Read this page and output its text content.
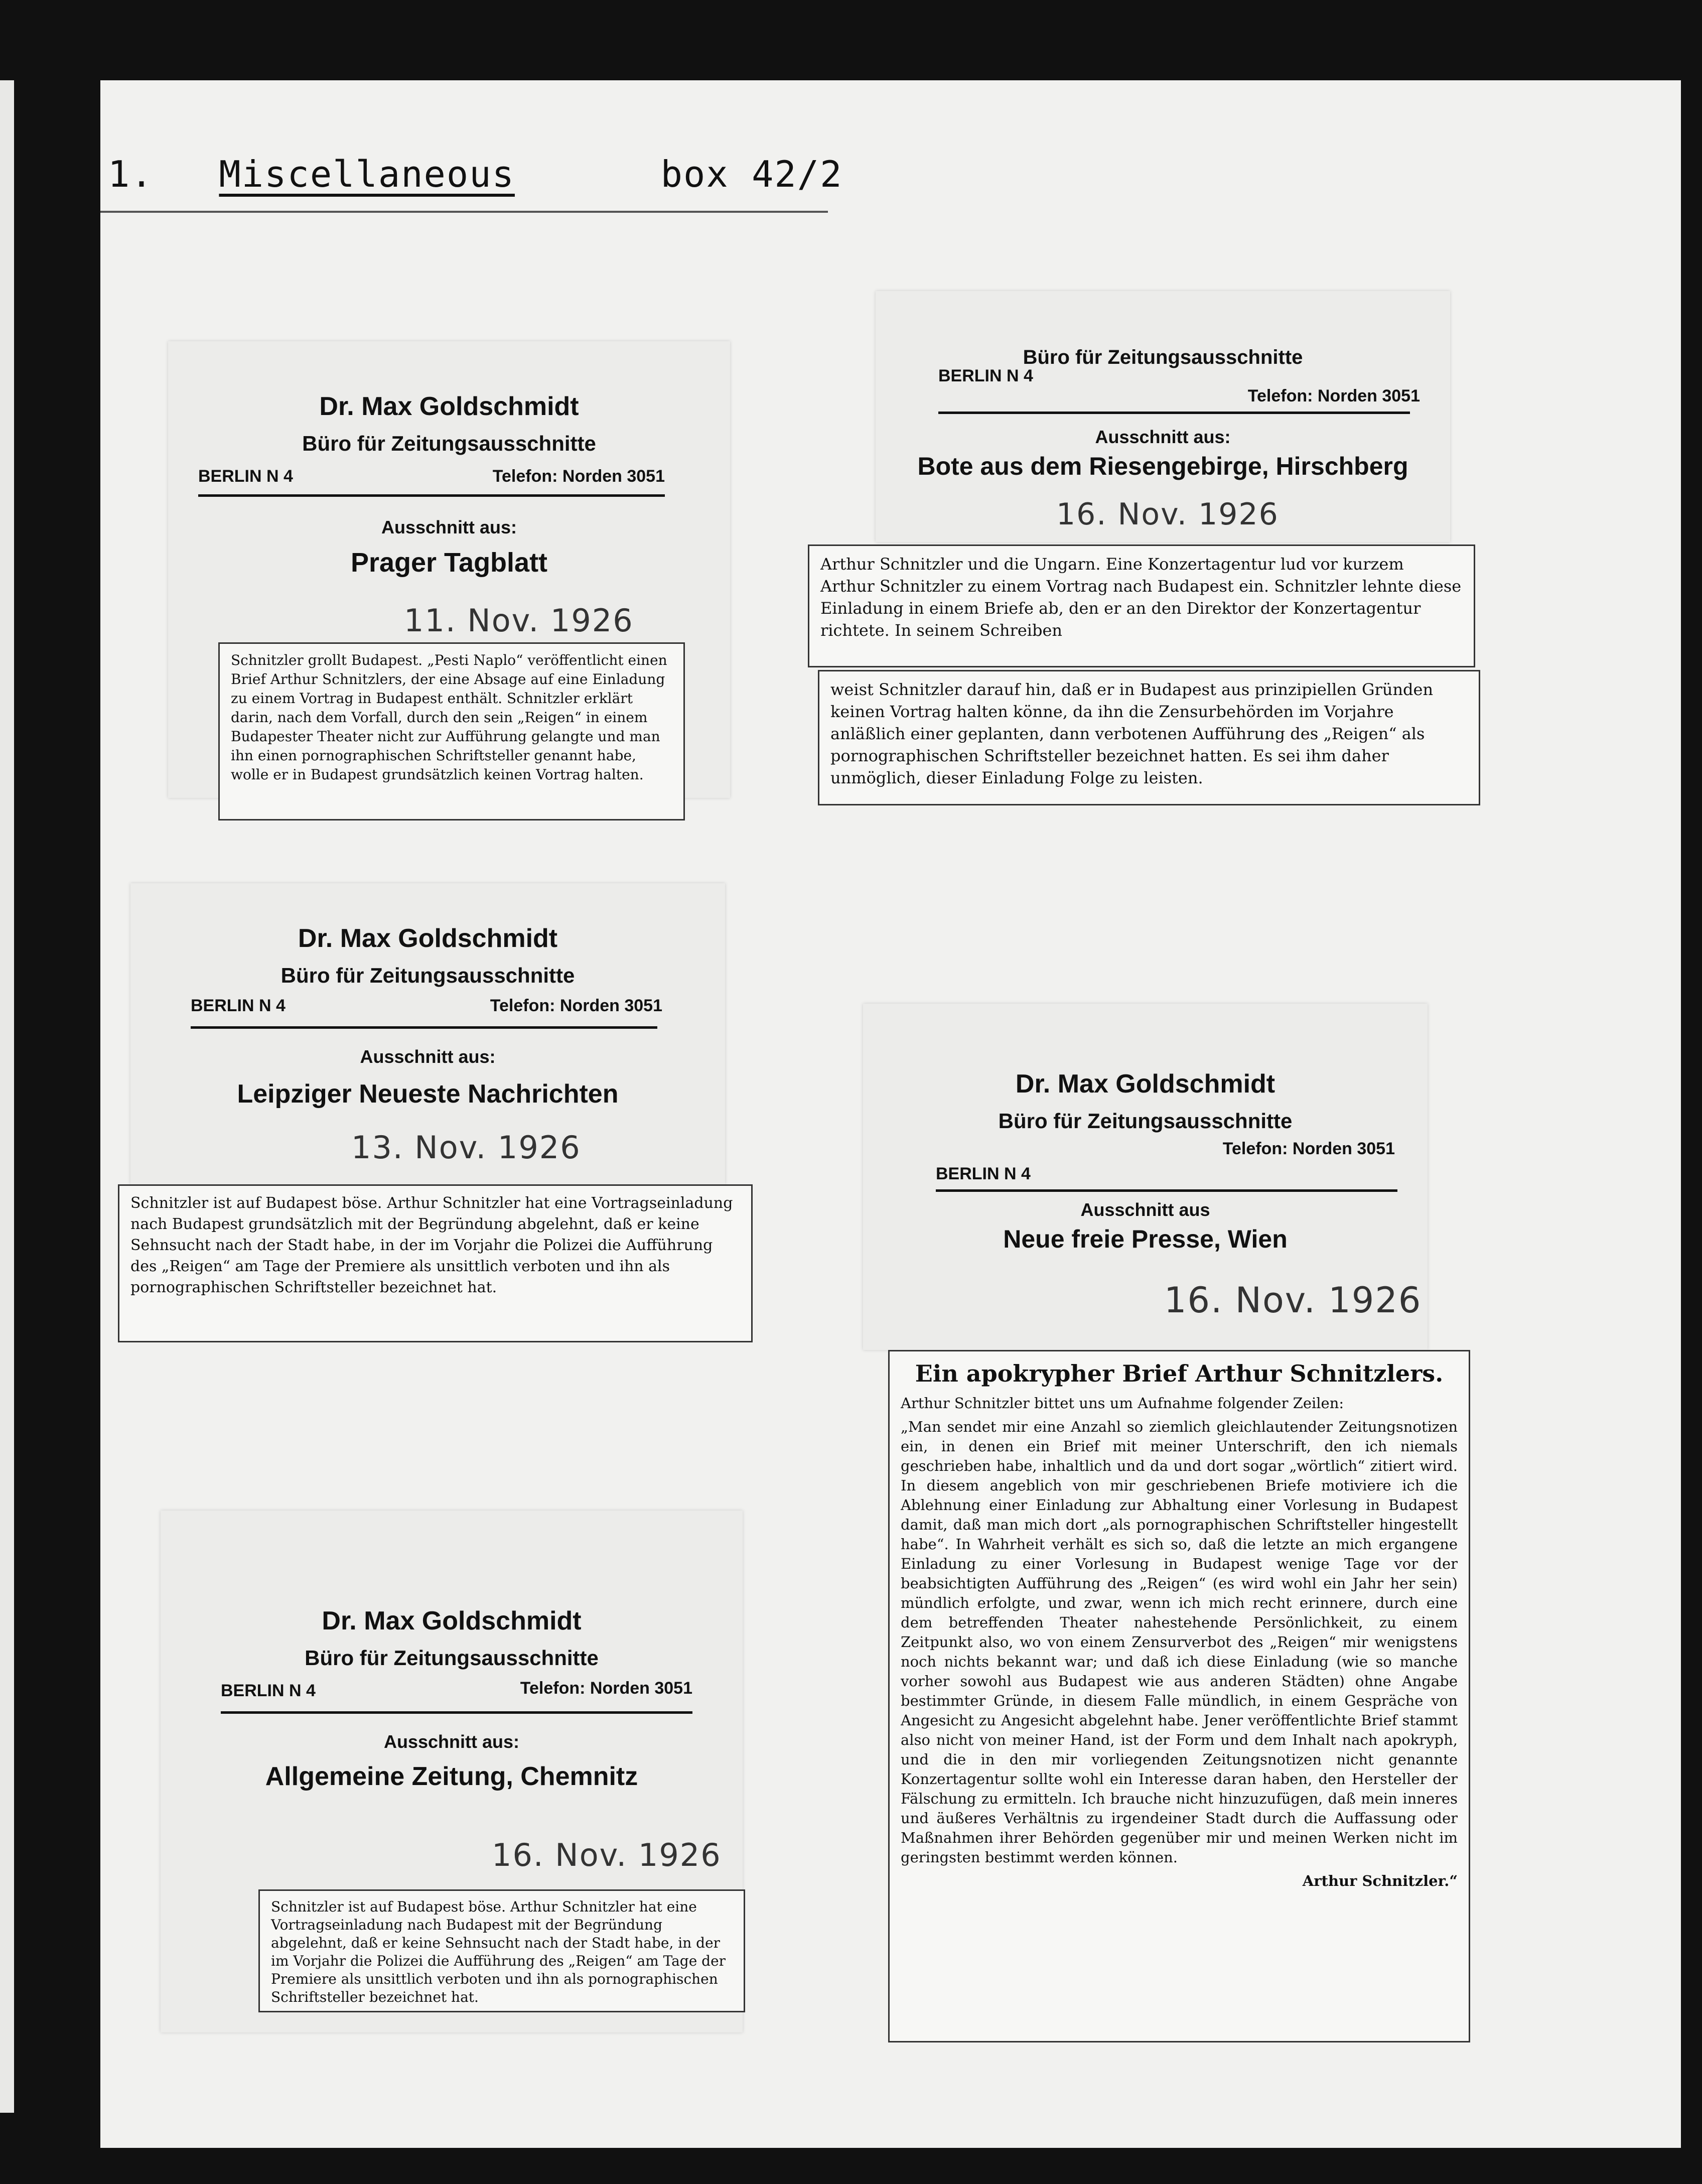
1. Miscellaneous	box 42/2
Dr. Max Goldschmidt
Büro für Zeitungsausschnitte
BERLIN N 4	Telefon: Norden 3051
Ausschnitt aus:
Prager Tagblatt
11. Nov. 1926

Schnitzler grollt Budapest. „Pesti Naplo“ veröffentlicht einen Brief Arthur Schnitzlers, der eine Absage auf eine Einladung zu einem Vortrag in Budapest enthält. Schnitzler erklärt darin, nach dem Vorfall, durch den sein „Reigen“ in einem Budapester Theater nicht zur Aufführung gelangte und man ihn einen pornographischen Schriftsteller genannt habe, wolle er in Budapest grundsätzlich keinen Vortrag halten.

Büro für Zeitungsausschnitte
BERLIN N 4
Telefon: Norden 3051
Ausschnitt aus:
Bote aus dem Riesengebirge, Hirschberg
16. Nov. 1926

Arthur Schnitzler und die Ungarn. Eine Konzertagentur lud vor kurzem Arthur Schnitzler zu einem Vortrag nach Budapest ein. Schnitzler lehnte diese Einladung in einem Briefe ab, den er an den Direktor der Konzertagentur richtete. In seinem Schreiben

weist Schnitzler darauf hin, daß er in Budapest aus prinzipiellen Gründen keinen Vortrag halten könne, da ihn die Zensurbehörden im Vorjahre anläßlich einer geplanten, dann verbotenen Aufführung des „Reigen“ als pornographischen Schriftsteller bezeichnet hatten. Es sei ihm daher unmöglich, dieser Einladung Folge zu leisten.

Dr. Max Goldschmidt
Büro für Zeitungsausschnitte
BERLIN N 4	Telefon: Norden 3051
Ausschnitt aus:
Leipziger Neueste Nachrichten
13. Nov. 1926

Schnitzler ist auf Budapest böse. Arthur Schnitzler hat eine Vortragseinladung nach Budapest grundsätzlich mit der Begründung abgelehnt, daß er keine Sehnsucht nach der Stadt habe, in der im Vorjahr die Polizei die Aufführung des „Reigen“ am Tage der Premiere als unsittlich verboten und ihn als pornographischen Schriftsteller bezeichnet hat.

Dr. Max Goldschmidt
Büro für Zeitungsausschnitte
BERLIN N 4
Telefon: Norden 3051
Ausschnitt aus
Neue freie Presse, Wien
16. Nov. 1926

Ein apokrypher Brief Arthur Schnitzlers.

Arthur Schnitzler bittet uns um Aufnahme folgender Zeilen:

„Man sendet mir eine Anzahl so ziemlich gleichlautender Zeitungsnotizen ein, in denen ein Brief mit meiner Unterschrift, den ich niemals geschrieben habe, inhaltlich und da und dort sogar „wörtlich“ zitiert wird. In diesem angeblich von mir geschriebenen Briefe motiviere ich die Ablehnung einer Einladung zur Abhaltung einer Vorlesung in Budapest damit, daß man mich dort „als pornographischen Schriftsteller hingestellt habe“. In Wahrheit verhält es sich so, daß die letzte an mich ergangene Einladung zu einer Vorlesung in Budapest wenige Tage vor der beabsichtigten Aufführung des „Reigen“ (es wird wohl ein Jahr her sein) mündlich erfolgte, und zwar, wenn ich mich recht erinnere, durch eine dem betreffenden Theater nahestehende Persönlichkeit, zu einem Zeitpunkt also, wo von einem Zensurverbot des „Reigen“ mir wenigstens noch nichts bekannt war; und daß ich diese Einladung (wie so manche vorher sowohl aus Budapest wie aus anderen Städten) ohne Angabe bestimmter Gründe, in diesem Falle mündlich, in einem Gespräche von Angesicht zu Angesicht abgelehnt habe. Jener veröffentlichte Brief stammt also nicht von meiner Hand, ist der Form und dem Inhalt nach apokryph, und die in den mir vorliegenden Zeitungsnotizen nicht genannte Konzertagentur sollte wohl ein Interesse daran haben, den Hersteller der Fälschung zu ermitteln. Ich brauche nicht hinzuzufügen, daß mein inneres und äußeres Verhältnis zu irgendeiner Stadt durch die Auffassung oder Maßnahmen ihrer Behörden gegenüber mir und meinen Werken nicht im geringsten bestimmt werden können.

Arthur Schnitzler.“

Dr. Max Goldschmidt
Büro für Zeitungsausschnitte
BERLIN N 4	Telefon: Norden 3051
Ausschnitt aus:
Allgemeine Zeitung, Chemnitz
16. Nov. 1926

Schnitzler ist auf Budapest böse. Arthur Schnitzler hat eine Vortragseinladung nach Budapest mit der Begründung abgelehnt, daß er keine Sehnsucht nach der Stadt habe, in der im Vorjahr die Polizei die Aufführung des „Reigen“ am Tage der Premiere als unsittlich verboten und ihn als pornographischen Schriftsteller bezeichnet hat.
